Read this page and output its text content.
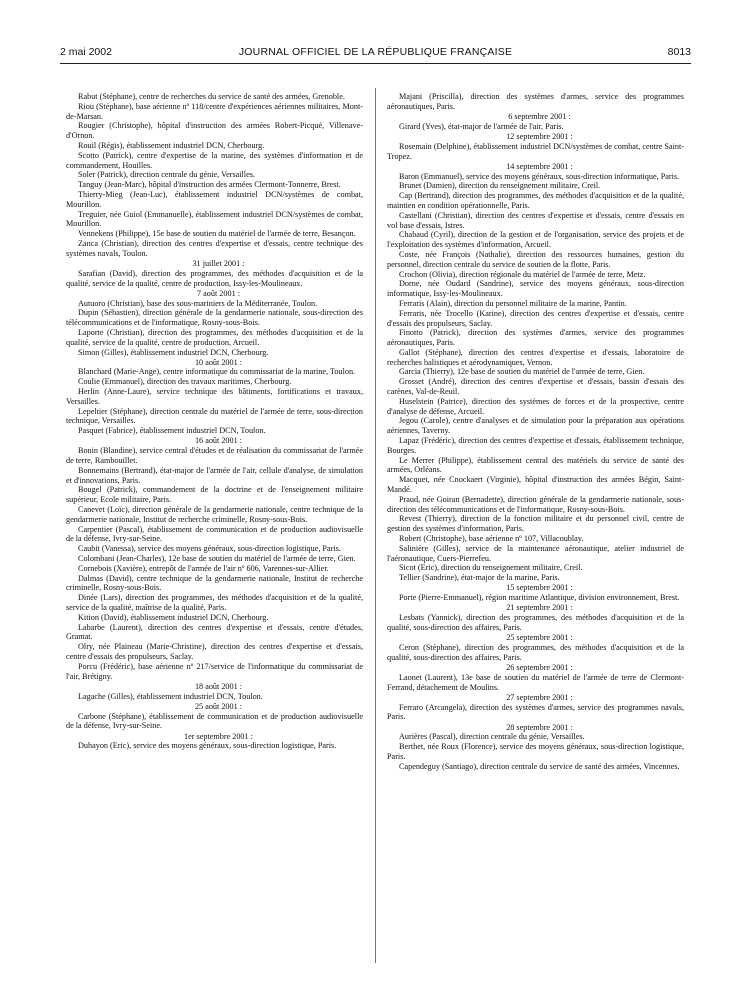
2 mai 2002	JOURNAL OFFICIEL DE LA RÉPUBLIQUE FRANÇAISE	8013

Rabut (Stéphane), centre de recherches du service de santé des armées, Grenoble.

Riou (Stéphane), base aérienne nº 118/centre d'expériences aériennes militaires, Mont-de-Marsan.

Rougier (Christophe), hôpital d'instruction des armées Robert-Picqué, Villenave-d'Ornon.

Rouil (Régis), établissement industriel DCN, Cherbourg.

Scotto (Patrick), centre d'expertise de la marine, des systèmes d'information et de commandement, Houilles.

Soler (Patrick), direction centrale du génie, Versailles.

Tanguy (Jean-Marc), hôpital d'instruction des armées Clermont-Tonnerre, Brest.

Thierry-Mieg (Jean-Luc), établissement industriel DCN/systèmes de combat, Mourillon.

Treguier, née Guiol (Emmanuelle), établissement industriel DCN/systèmes de combat, Mourillon.

Vennekens (Philippe), 15e base de soutien du matériel de l'armée de terre, Besançon.

Zanca (Christian), direction des centres d'expertise et d'essais, centre technique des systèmes navals, Toulon.

31 juillet 2001 :

Sarafian (David), direction des programmes, des méthodes d'acquisition et de la qualité, service de la qualité, centre de production, Issy-les-Moulineaux.

7 août 2001 :

Autuoro (Christian), base des sous-mariniers de la Méditerranée, Toulon.

Dupin (Sébastien), direction générale de la gendarmerie nationale, sous-direction des télécommunications et de l'informatique, Rosny-sous-Bois.

Laporte (Christian), direction des programmes, des méthodes d'acquisition et de la qualité, service de la qualité, centre de production, Arcueil.

Simon (Gilles), établissement industriel DCN, Cherbourg.

10 août 2001 :

Blanchard (Marie-Ange), centre informatique du commissariat de la marine, Toulon.

Coulie (Emmanuel), direction des travaux maritimes, Cherbourg.

Herlin (Anne-Laure), service technique des bâtiments, fortifications et travaux, Versailles.

Lepeltier (Stéphane), direction centrale du matériel de l'armée de terre, sous-direction technique, Versailles.

Pasquet (Fabrice), établissement industriel DCN, Toulon.

16 août 2001 :

Bonin (Blandine), service central d'études et de réalisation du commissariat de l'armée de terre, Rambouillet.

Bonnemains (Bertrand), état-major de l'armée de l'air, cellule d'analyse, de simulation et d'innovations, Paris.

Bougel (Patrick), commandement de la doctrine et de l'enseignement militaire supérieur, Ecole militaire, Paris.

Canevet (Loïc), direction générale de la gendarmerie nationale, centre technique de la gendarmerie nationale, Institut de recherche criminelle, Rosny-sous-Bois.

Carpentier (Pascal), établissement de communication et de production audiovisuelle de la défense, Ivry-sur-Seine.

Caubit (Vanessa), service des moyens généraux, sous-direction logistique, Paris.

Colombani (Jean-Charles), 12e base de soutien du matériel de l'armée de terre, Gien.

Cornebois (Xavière), entrepôt de l'armée de l'air nº 606, Varennes-sur-Allier.

Dalmas (David), centre technique de la gendarmerie nationale, Institut de recherche criminelle, Rosny-sous-Bois.

Dinée (Lars), direction des programmes, des méthodes d'acquisition et de la qualité, service de la qualité, maîtrise de la qualité, Paris.

Kition (David), établissement industriel DCN, Cherbourg.

Labarbe (Laurent), direction des centres d'expertise et d'essais, centre d'études, Gramat.

Olry, née Plaineau (Marie-Christine), direction des centres d'expertise et d'essais, centre d'essais des propulseurs, Saclay.

Porcu (Frédéric), base aérienne nº 217/service de l'informatique du commissariat de l'air, Brétigny.

18 août 2001 :

Lagache (Gilles), établissement industriel DCN, Toulon.

25 août 2001 :

Carbone (Stéphane), établissement de communication et de production audiovisuelle de la défense, Ivry-sur-Seine.

1er septembre 2001 :

Duhayon (Eric), service des moyens généraux, sous-direction logistique, Paris.

Majani (Priscilla), direction des systèmes d'armes, service des programmes aéronautiques, Paris.

6 septembre 2001 :

Girard (Yves), état-major de l'armée de l'air, Paris.

12 septembre 2001 :

Rosemain (Delphine), établissement industriel DCN/systèmes de combat, centre Saint-Tropez.

14 septembre 2001 :

Baron (Emmanuel), service des moyens généraux, sous-direction informatique, Paris.

Brunet (Damien), direction du renseignement militaire, Creil.

Cap (Bertrand), direction des programmes, des méthodes d'acquisition et de la qualité, maintien en condition opérationnelle, Paris.

Castellani (Christian), direction des centres d'expertise et d'essais, centre d'essais en vol base d'essais, Istres.

Chabaud (Cyril), direction de la gestion et de l'organisation, service des projets et de l'exploitation des systèmes d'information, Arcueil.

Coste, née François (Nathalie), direction des ressources humaines, gestion du personnel, direction centrale du service de soutien de la flotte, Paris.

Crochon (Olivia), direction régionale du matériel de l'armée de terre, Metz.

Dorne, née Oudard (Sandrine), service des moyens généraux, sous-direction informatique, Issy-les-Moulineaux.

Ferraris (Alain), direction du personnel militaire de la marine, Pantin.

Ferraris, née Trocello (Karine), direction des centres d'expertise et d'essais, centre d'essais des propulseurs, Saclay.

Finotto (Patrick), direction des systèmes d'armes, service des programmes aéronautiques, Paris.

Gallot (Stéphane), direction des centres d'expertise et d'essais, laboratoire de recherches balistiques et aérodynamiques, Vernon.

Garcia (Thierry), 12e base de soutien du matériel de l'armée de terre, Gien.

Grosset (André), direction des centres d'expertise et d'essais, bassin d'essais des carènes, Val-de-Reuil.

Huselstein (Patrice), direction des systèmes de forces et de la prospective, centre d'analyse de défense, Arcueil.

Jegou (Carole), centre d'analyses et de simulation pour la préparation aux opérations aériennes, Taverny.

Lapaz (Frédéric), direction des centres d'expertise et d'essais, établissement technique, Bourges.

Le Merrer (Philippe), établissement central des matériels du service de santé des armées, Orléans.

Macquet, née Cnockaert (Virginie), hôpital d'instruction des armées Bégin, Saint-Mandé.

Praud, née Goiran (Bernadette), direction générale de la gendarmerie nationale, sous-direction des télécommunications et de l'informatique, Rosny-sous-Bois.

Revest (Thierry), direction de la fonction militaire et du personnel civil, centre de gestion des systèmes d'information, Paris.

Robert (Christophe), base aérienne nº 107, Villacoublay.

Salinière (Gilles), service de la maintenance aéronautique, atelier industriel de l'aéronautique, Cuers-Pierrefeu.

Sicot (Eric), direction du renseignement militaire, Creil.

Tellier (Sandrine), état-major de la marine, Paris.

15 septembre 2001 :

Porte (Pierre-Emmanuel), région maritime Atlantique, division environnement, Brest.

21 septembre 2001 :

Lesbats (Yannick), direction des programmes, des méthodes d'acquisition et de la qualité, sous-direction des affaires, Paris.

25 septembre 2001 :

Ceron (Stéphane), direction des programmes, des méthodes d'acquisition et de la qualité, sous-direction des affaires, Paris.

26 septembre 2001 :

Laonet (Laurent), 13e base de soutien du matériel de l'armée de terre de Clermont-Ferrand, détachement de Moulins.

27 septembre 2001 :

Ferraro (Arcangela), direction des systèmes d'armes, service des programmes navals, Paris.

28 septembre 2001 :

Aurières (Pascal), direction centrale du génie, Versailles.

Berthet, née Roux (Florence), service des moyens généraux, sous-direction logistique, Paris.

Capendeguy (Santiago), direction centrale du service de santé des armées, Vincennes.
